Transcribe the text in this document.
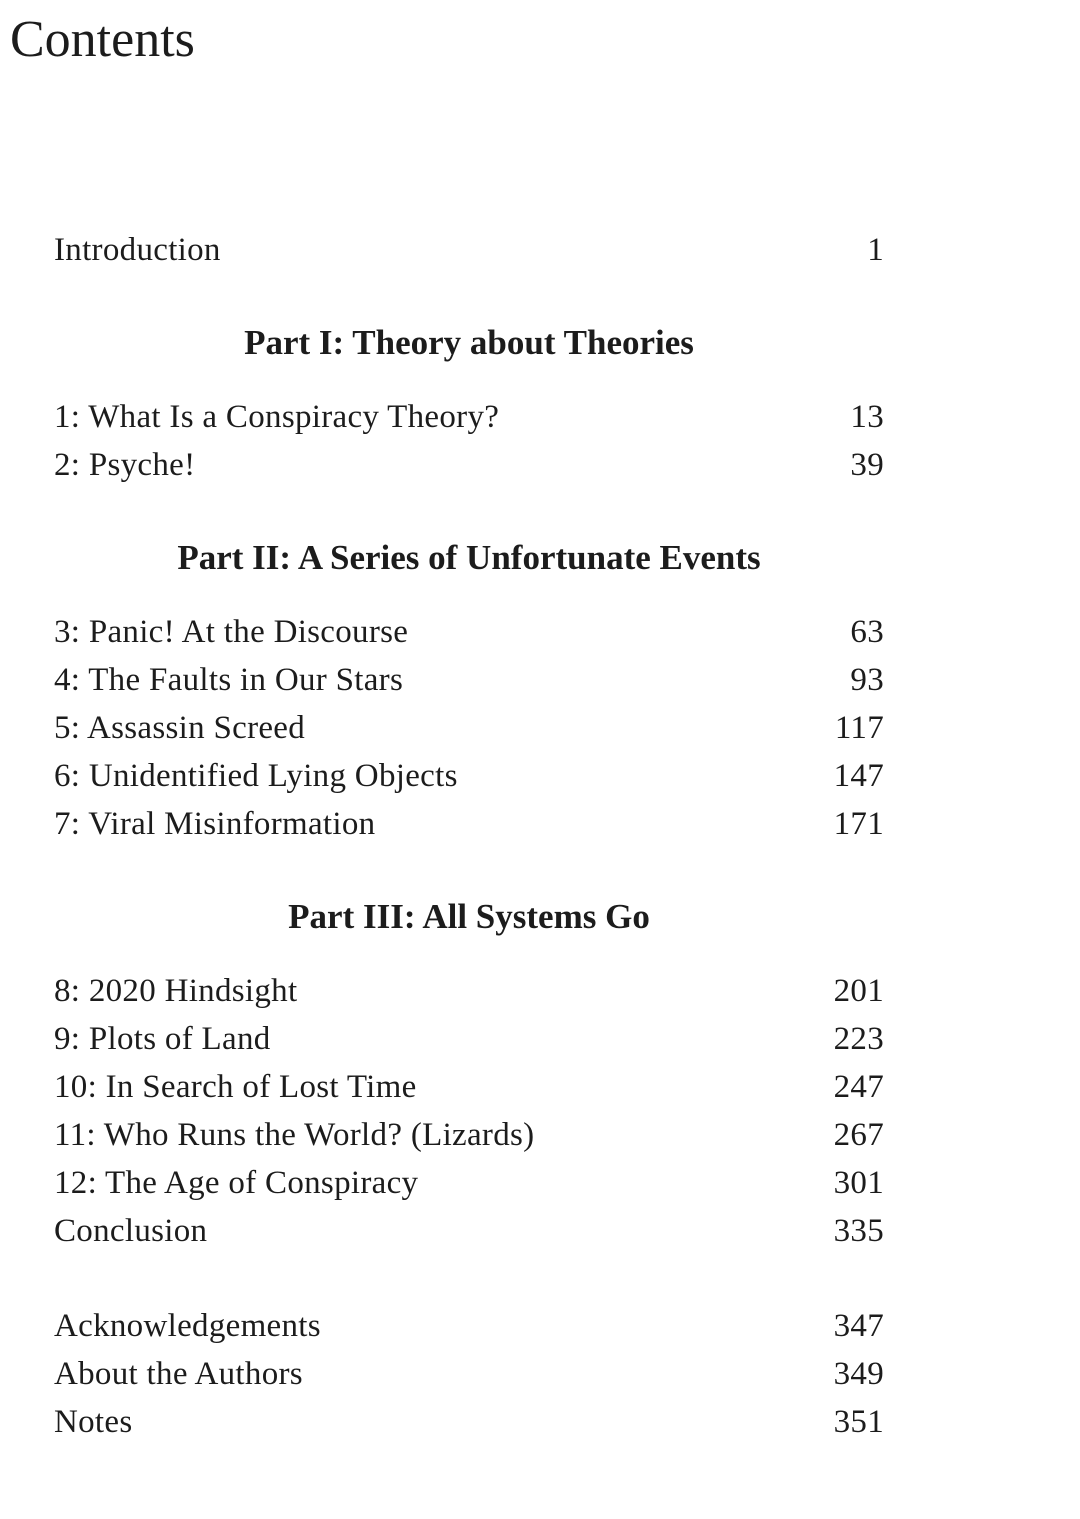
Contents
Introduction	1
Part I: Theory about Theories
1: What Is a Conspiracy Theory?	13
2: Psyche!	39
Part II: A Series of Unfortunate Events
3: Panic! At the Discourse	63
4: The Faults in Our Stars	93
5: Assassin Screed	117
6: Unidentified Lying Objects	147
7: Viral Misinformation	171
Part III: All Systems Go
8: 2020 Hindsight	201
9: Plots of Land	223
10: In Search of Lost Time	247
11: Who Runs the World? (Lizards)	267
12: The Age of Conspiracy	301
Conclusion	335
Acknowledgements	347
About the Authors	349
Notes	351
